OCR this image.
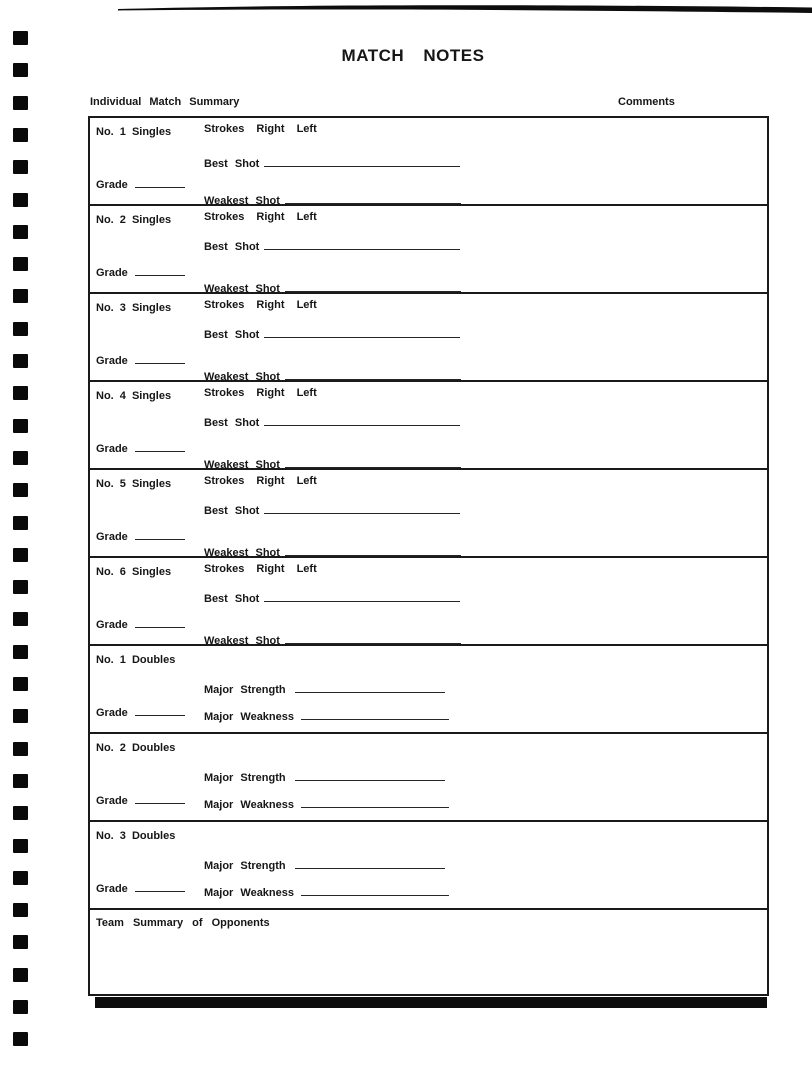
MATCH NOTES
Individual Match Summary	Comments
No. 1 Singles	Strokes Right Left
Best Shot
Grade
Weakest Shot
No. 2 Singles	Strokes Right Left
Best Shot
Grade
Weakest Shot
No. 3 Singles	Strokes Right Left
Best Shot
Grade
Weakest Shot
No. 4 Singles	Strokes Right Left
Best Shot
Grade
Weakest Shot
No. 5 Singles	Strokes Right Left
Best Shot
Grade
Weakest Shot
No. 6 Singles	Strokes Right Left
Best Shot
Grade
Weakest Shot
No. 1 Doubles
Major Strength
Grade	Major Weakness
No. 2 Doubles
Major Strength
Grade	Major Weakness
No. 3 Doubles
Major Strength
Grade	Major Weakness
Team Summary of Opponents
